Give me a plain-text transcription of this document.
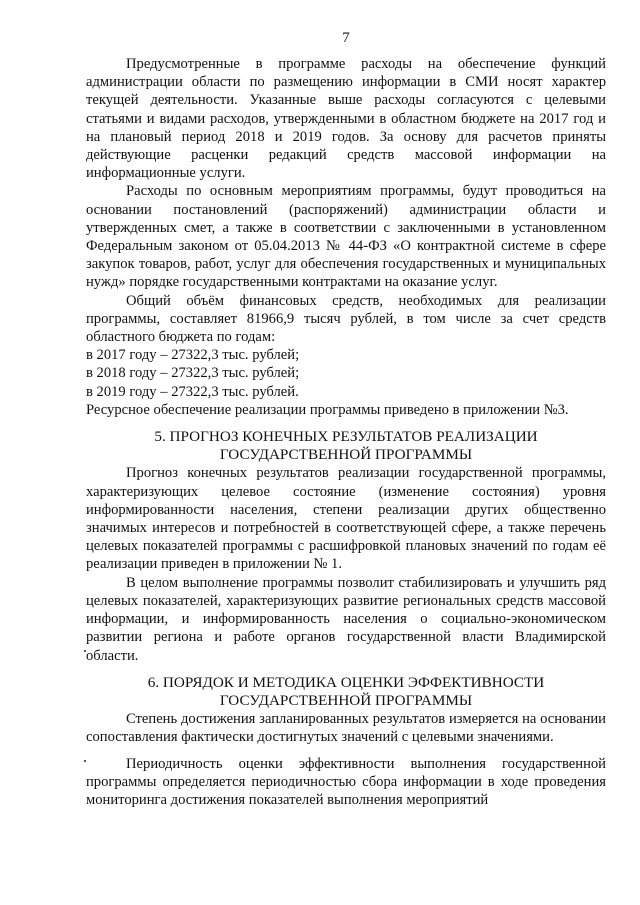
7

Предусмотренные в программе расходы на обеспечение функций администрации области по размещению информации в СМИ носят характер текущей деятельности. Указанные выше расходы согласуются с целевыми статьями и видами расходов, утвержденными в областном бюджете на 2017 год и на плановый период 2018 и 2019 годов. За основу для расчетов приняты действующие расценки редакций средств массовой информации на информационные услуги.

Расходы по основным мероприятиям программы, будут проводиться на основании постановлений (распоряжений) администрации области и утвержденных смет, а также в соответствии с заключенными в установленном Федеральным законом от 05.04.2013 № 44-ФЗ «О контрактной системе в сфере закупок товаров, работ, услуг для обеспечения государственных и муниципальных нужд» порядке государственными контрактами на оказание услуг.

Общий объём финансовых средств, необходимых для реализации программы, составляет 81966,9 тысяч рублей, в том числе за счет средств областного бюджета по годам:

в 2017 году – 27322,3 тыс. рублей;

в 2018 году – 27322,3 тыс. рублей;

в 2019 году – 27322,3 тыс. рублей.

Ресурсное обеспечение реализации программы приведено в приложении №3.

5. ПРОГНОЗ КОНЕЧНЫХ РЕЗУЛЬТАТОВ РЕАЛИЗАЦИИ
ГОСУДАРСТВЕННОЙ ПРОГРАММЫ

Прогноз конечных результатов реализации государственной программы, характеризующих целевое состояние (изменение состояния) уровня информированности населения, степени реализации других общественно значимых интересов и потребностей в соответствующей сфере, а также перечень целевых показателей программы с расшифровкой плановых значений по годам её реализации приведен в приложении № 1.

В целом выполнение программы позволит стабилизировать и улучшить ряд целевых показателей, характеризующих развитие региональных средств массовой информации, и информированность населения о социально-экономическом развитии региона и работе органов государственной власти Владимирской области.

6. ПОРЯДОК И МЕТОДИКА ОЦЕНКИ ЭФФЕКТИВНОСТИ
ГОСУДАРСТВЕННОЙ ПРОГРАММЫ

Степень достижения запланированных результатов измеряется на основании сопоставления фактически достигнутых значений с целевыми значениями.

Периодичность оценки эффективности выполнения государственной программы определяется периодичностью сбора информации в ходе проведения мониторинга достижения показателей выполнения мероприятий
